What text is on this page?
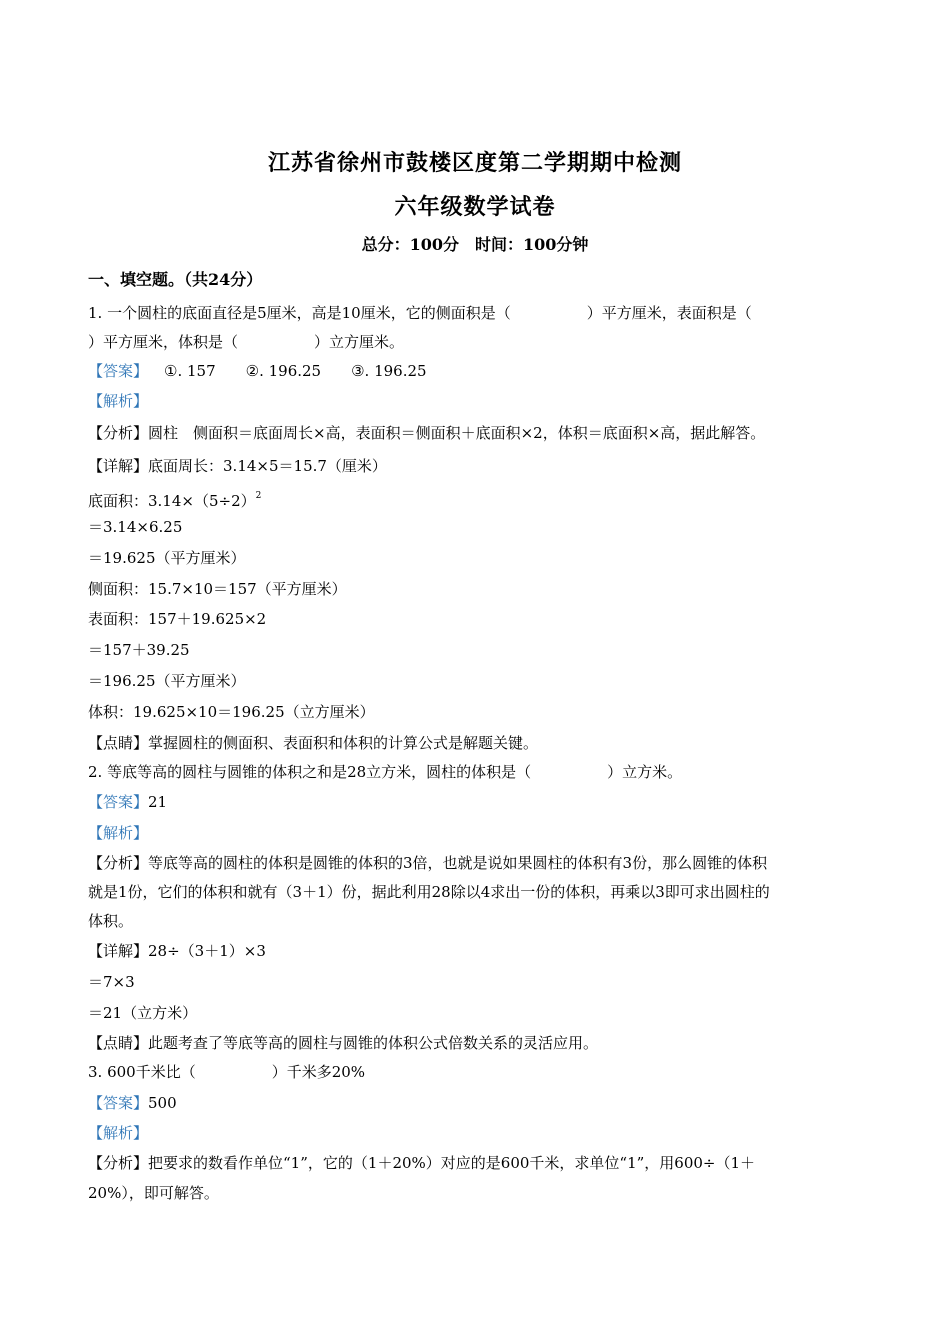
江苏省徐州市鼓楼区度第二学期期中检测
六年级数学试卷
总分：100分　时间：100分钟
一、填空题。（共24分）
1. 一个圆柱的底面直径是5厘米，高是10厘米，它的侧面积是（	）平方厘米，表面积是（
）平方厘米，体积是（	）立方厘米。
【答案】 ①. 157　　②. 196.25　　③. 196.25
【解析】
【分析】圆柱　侧面积＝底面周长×高，表面积＝侧面积＋底面积×2，体积＝底面积×高，据此解答。
【详解】底面周长：3.14×5＝15.7（厘米）
底面积：$3.14\times(5\div 2)^2$
＝3.14×6.25
＝19.625（平方厘米）
侧面积：15.7×10＝157（平方厘米）
表面积：157＋19.625×2
＝157＋39.25
＝196.25（平方厘米）
体积：19.625×10＝196.25（立方厘米）
【点睛】掌握圆柱的侧面积、表面积和体积的计算公式是解题关键。
2. 等底等高的圆柱与圆锥的体积之和是28立方米，圆柱的体积是（	）立方米。
【答案】21
【解析】
【分析】等底等高的圆柱的体积是圆锥的体积的3倍，也就是说如果圆柱的体积有3份，那么圆锥的体积
就是1份，它们的体积和就有（3＋1）份，据此利用28除以4求出一份的体积，再乘以3即可求出圆柱的
体积。
【详解】28÷（3＋1）×3
＝7×3
＝21（立方米）
【点睛】此题考查了等底等高的圆柱与圆锥的体积公式倍数关系的灵活应用。
3. 600千米比（	）千米多20%
【答案】500
【解析】
【分析】把要求的数看作单位“1”，它的（1＋20%）对应的是600千米，求单位“1”，用600÷（1＋
20%），即可解答。
